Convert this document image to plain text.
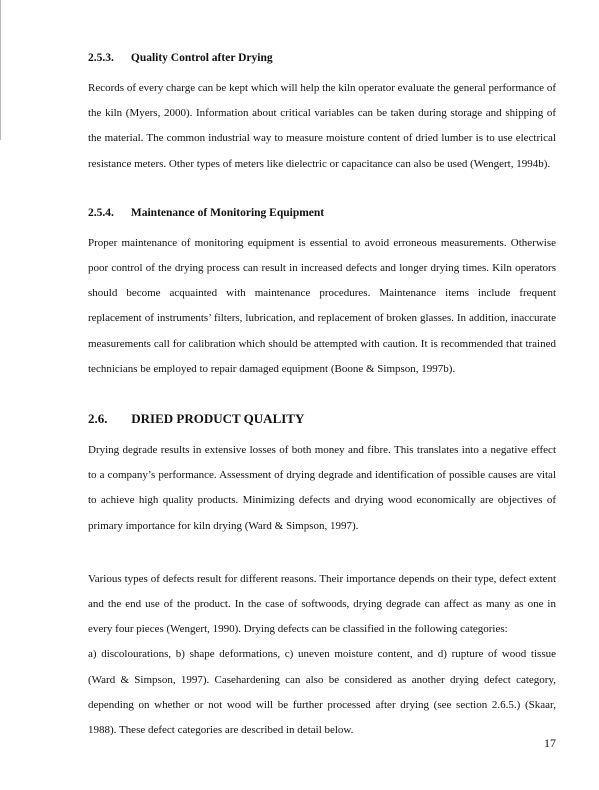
2.5.3. Quality Control after Drying

Records of every charge can be kept which will help the kiln operator evaluate the general performance of the kiln (Myers, 2000). Information about critical variables can be taken during storage and shipping of the material. The common industrial way to measure moisture content of dried lumber is to use electrical resistance meters. Other types of meters like dielectric or capacitance can also be used (Wengert, 1994b).

2.5.4. Maintenance of Monitoring Equipment

Proper maintenance of monitoring equipment is essential to avoid erroneous measurements. Otherwise poor control of the drying process can result in increased defects and longer drying times. Kiln operators should become acquainted with maintenance procedures. Maintenance items include frequent replacement of instruments’ filters, lubrication, and replacement of broken glasses. In addition, inaccurate measurements call for calibration which should be attempted with caution. It is recommended that trained technicians be employed to repair damaged equipment (Boone & Simpson, 1997b).

2.6. DRIED PRODUCT QUALITY

Drying degrade results in extensive losses of both money and fibre. This translates into a negative effect to a company’s performance. Assessment of drying degrade and identification of possible causes are vital to achieve high quality products. Minimizing defects and drying wood economically are objectives of primary importance for kiln drying (Ward & Simpson, 1997).

Various types of defects result for different reasons. Their importance depends on their type, defect extent and the end use of the product. In the case of softwoods, drying degrade can affect as many as one in every four pieces (Wengert, 1990). Drying defects can be classified in the following categories:

a) discolourations, b) shape deformations, c) uneven moisture content, and d) rupture of wood tissue (Ward & Simpson, 1997). Casehardening can also be considered as another drying defect category, depending on whether or not wood will be further processed after drying (see section 2.6.5.) (Skaar, 1988). These defect categories are described in detail below.

17
